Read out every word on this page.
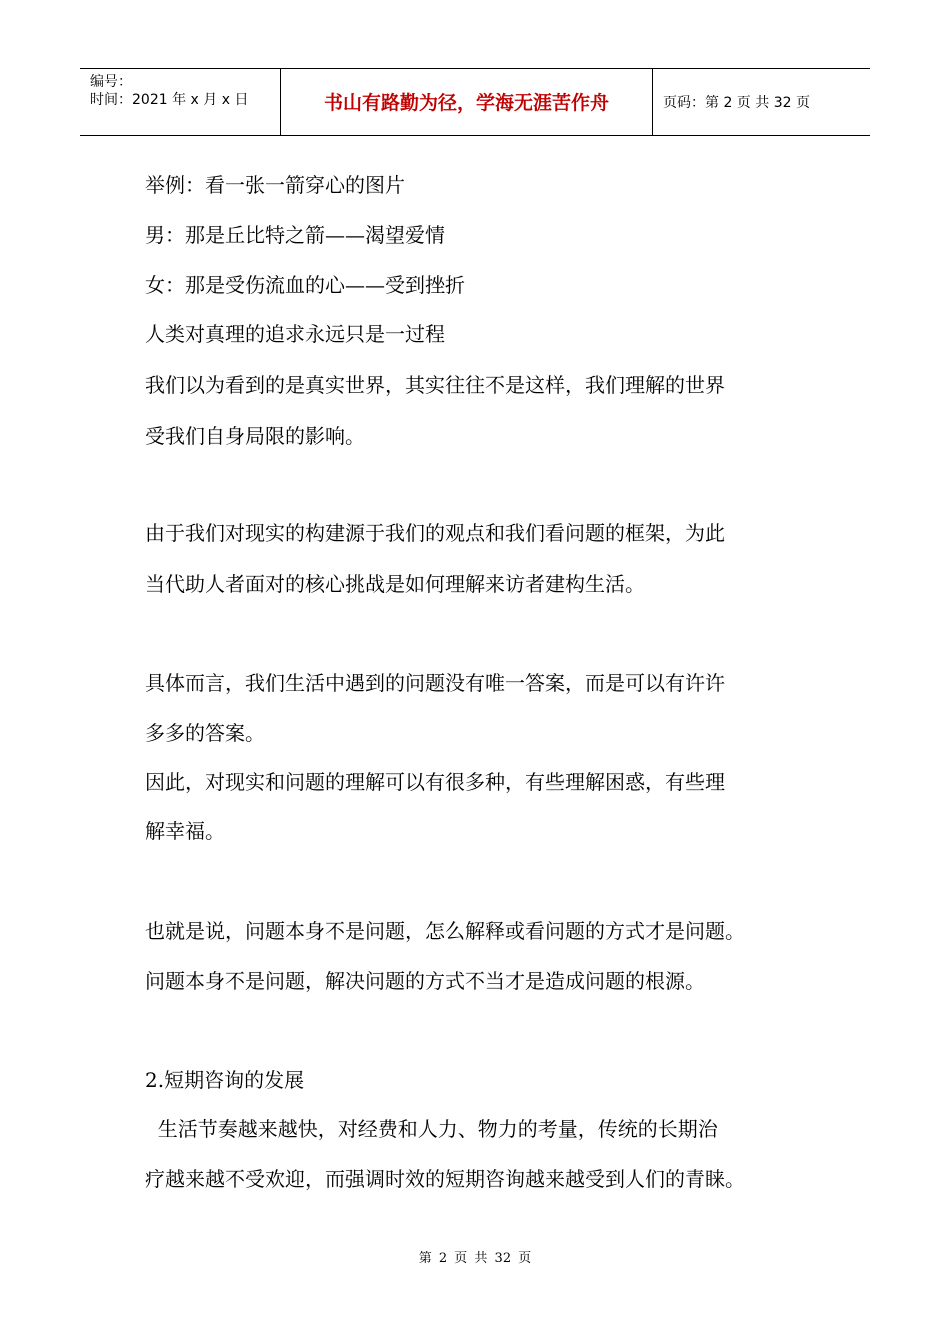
编号：
时间：2021 年 x 月 x 日	书山有路勤为径，学海无涯苦作舟	页码：第 2 页 共 32 页
举例：看一张一箭穿心的图片
男：那是丘比特之箭——渴望爱情
女：那是受伤流血的心——受到挫折
人类对真理的追求永远只是一过程
我们以为看到的是真实世界，其实往往不是这样，我们理解的世界
受我们自身局限的影响。
由于我们对现实的构建源于我们的观点和我们看问题的框架，为此
当代助人者面对的核心挑战是如何理解来访者建构生活。
具体而言，我们生活中遇到的问题没有唯一答案，而是可以有许许
多多的答案。
因此，对现实和问题的理解可以有很多种，有些理解困惑，有些理
解幸福。
也就是说，问题本身不是问题，怎么解释或看问题的方式才是问题。
问题本身不是问题，解决问题的方式不当才是造成问题的根源。
2.短期咨询的发展
生活节奏越来越快，对经费和人力、物力的考量，传统的长期治
疗越来越不受欢迎，而强调时效的短期咨询越来越受到人们的青睐。
第 2 页 共 32 页
